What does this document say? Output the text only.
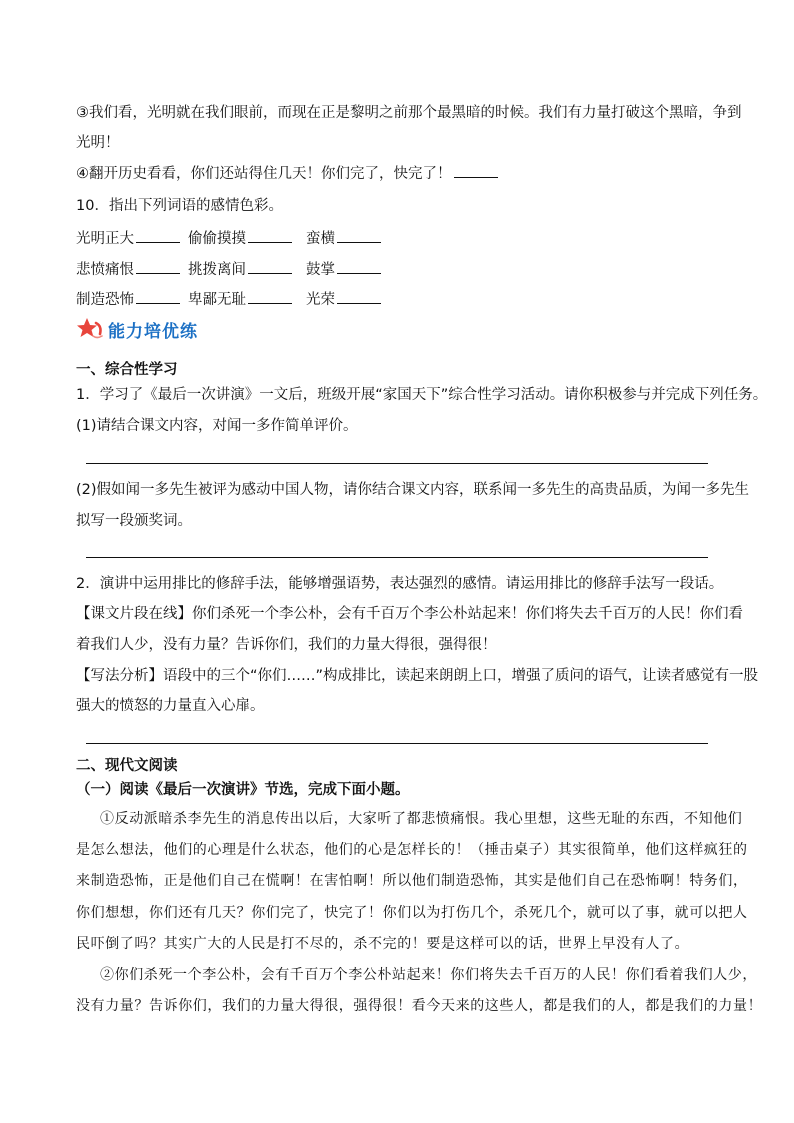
③我们看，光明就在我们眼前，而现在正是黎明之前那个最黑暗的时候。我们有力量打破这个黑暗，争到
光明！
④翻开历史看看，你们还站得住几天！你们完了，快完了！
10．指出下列词语的感情色彩。
光明正大	偷偷摸摸	蛮横
悲愤痛恨	挑拨离间	鼓掌
制造恐怖	卑鄙无耻	光荣
能力培优练
一、综合性学习
1．学习了《最后一次讲演》一文后，班级开展“家国天下”综合性学习活动。请你积极参与并完成下列任务。
(1)请结合课文内容，对闻一多作简单评价。
(2)假如闻一多先生被评为感动中国人物，请你结合课文内容，联系闻一多先生的高贵品质，为闻一多先生
拟写一段颁奖词。
2．演讲中运用排比的修辞手法，能够增强语势，表达强烈的感情。请运用排比的修辞手法写一段话。
【课文片段在线】你们杀死一个李公朴，会有千百万个李公朴站起来！你们将失去千百万的人民！你们看
着我们人少，没有力量？告诉你们，我们的力量大得很，强得很！
【写法分析】语段中的三个“你们……”构成排比，读起来朗朗上口，增强了质问的语气，让读者感觉有一股
强大的愤怒的力量直入心扉。
二、现代文阅读
（一）阅读《最后一次演讲》节选，完成下面小题。
①反动派暗杀李先生的消息传出以后，大家听了都悲愤痛恨。我心里想，这些无耻的东西，不知他们
是怎么想法，他们的心理是什么状态，他们的心是怎样长的！（捶击桌子）其实很简单，他们这样疯狂的
来制造恐怖，正是他们自己在慌啊！在害怕啊！所以他们制造恐怖，其实是他们自己在恐怖啊！特务们，
你们想想，你们还有几天？你们完了，快完了！你们以为打伤几个，杀死几个，就可以了事，就可以把人
民吓倒了吗？其实广大的人民是打不尽的，杀不完的！要是这样可以的话，世界上早没有人了。
②你们杀死一个李公朴，会有千百万个李公朴站起来！你们将失去千百万的人民！你们看着我们人少，
没有力量？告诉你们，我们的力量大得很，强得很！看今天来的这些人，都是我们的人，都是我们的力量！
